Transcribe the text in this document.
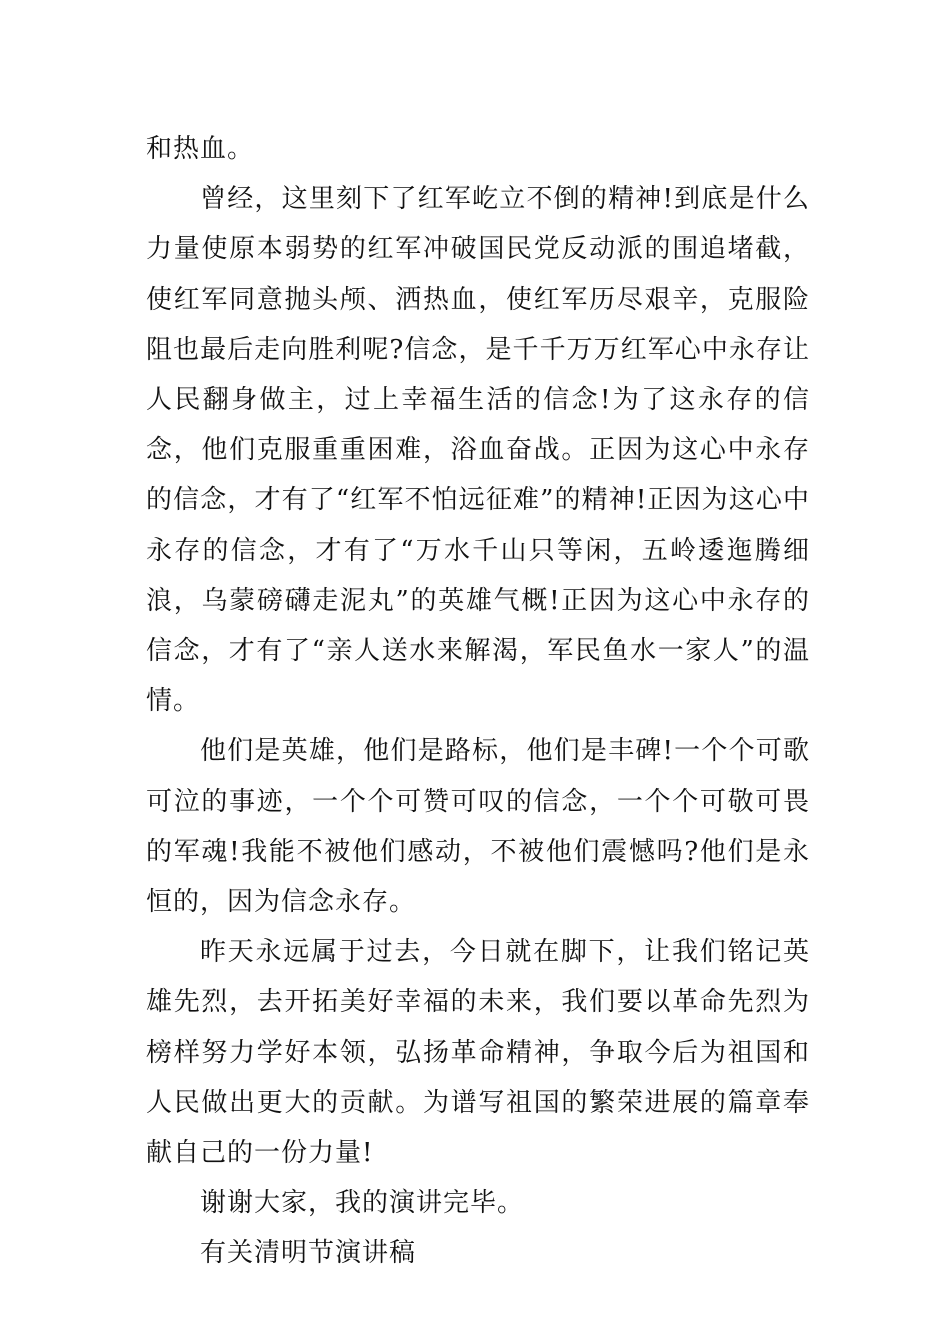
和热血。

曾经，这里刻下了红军屹立不倒的精神!到底是什么力量使原本弱势的红军冲破国民党反动派的围追堵截，使红军同意抛头颅、洒热血，使红军历尽艰辛，克服险阻也最后走向胜利呢?信念，是千千万万红军心中永存让人民翻身做主，过上幸福生活的信念!为了这永存的信念，他们克服重重困难，浴血奋战。正因为这心中永存的信念，才有了“红军不怕远征难”的精神!正因为这心中永存的信念，才有了“万水千山只等闲，五岭逶迤腾细浪，乌蒙磅礴走泥丸”的英雄气概!正因为这心中永存的信念，才有了“亲人送水来解渴，军民鱼水一家人”的温情。

他们是英雄，他们是路标，他们是丰碑!一个个可歌可泣的事迹，一个个可赞可叹的信念，一个个可敬可畏的军魂!我能不被他们感动，不被他们震憾吗?他们是永恒的，因为信念永存。

昨天永远属于过去，今日就在脚下，让我们铭记英雄先烈，去开拓美好幸福的未来，我们要以革命先烈为榜样努力学好本领，弘扬革命精神，争取今后为祖国和人民做出更大的贡献。为谱写祖国的繁荣进展的篇章奉献自己的一份力量!

谢谢大家，我的演讲完毕。

有关清明节演讲稿
